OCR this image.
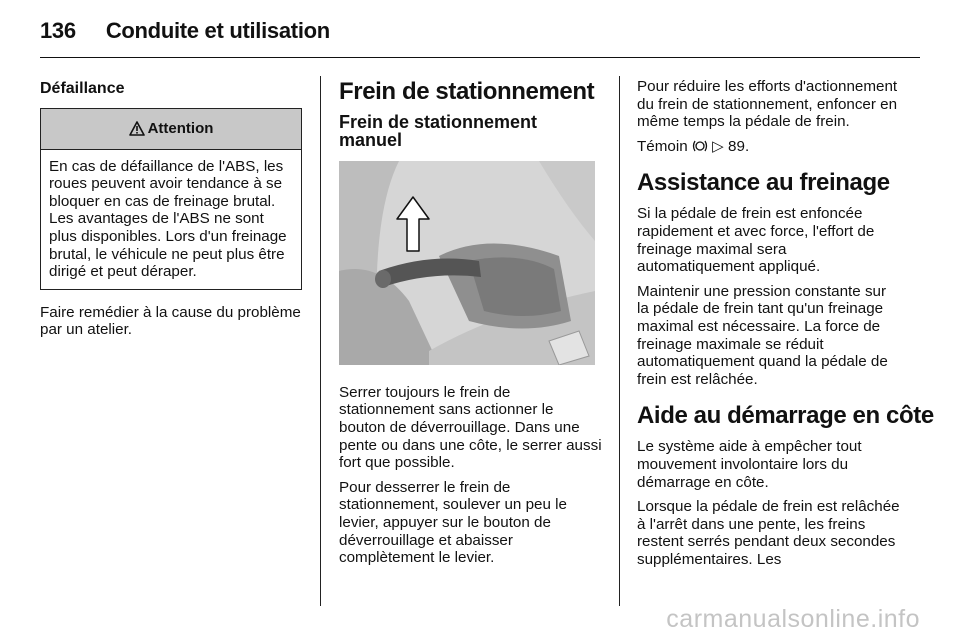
136 Conduite et utilisation
Défaillance
Attention
En cas de défaillance de l'ABS, les roues peuvent avoir tendance à se bloquer en cas de freinage brutal. Les avantages de l'ABS ne sont plus disponibles. Lors d'un freinage brutal, le véhicule ne peut plus être dirigé et peut déraper.

Faire remédier à la cause du problème par un atelier.

Frein de stationnement
Frein de stationnement manuel

Serrer toujours le frein de stationnement sans actionner le bouton de déverrouillage. Dans une pente ou dans une côte, le serrer aussi fort que possible.

Pour desserrer le frein de stationnement, soulever un peu le levier, appuyer sur le bouton de déverrouillage et abaisser complètement le levier.

Pour réduire les efforts d'actionnement du frein de stationnement, enfoncer en même temps la pédale de frein.

Témoin ▷ 89.

Assistance au freinage

Si la pédale de frein est enfoncée rapidement et avec force, l'effort de freinage maximal sera automatiquement appliqué.

Maintenir une pression constante sur la pédale de frein tant qu'un freinage maximal est nécessaire. La force de freinage maximale se réduit automatiquement quand la pédale de frein est relâchée.

Aide au démarrage en côte

Le système aide à empêcher tout mouvement involontaire lors du démarrage en côte.

Lorsque la pédale de frein est relâchée à l'arrêt dans une pente, les freins restent serrés pendant deux secondes supplémentaires. Les

carmanualsonline.info
